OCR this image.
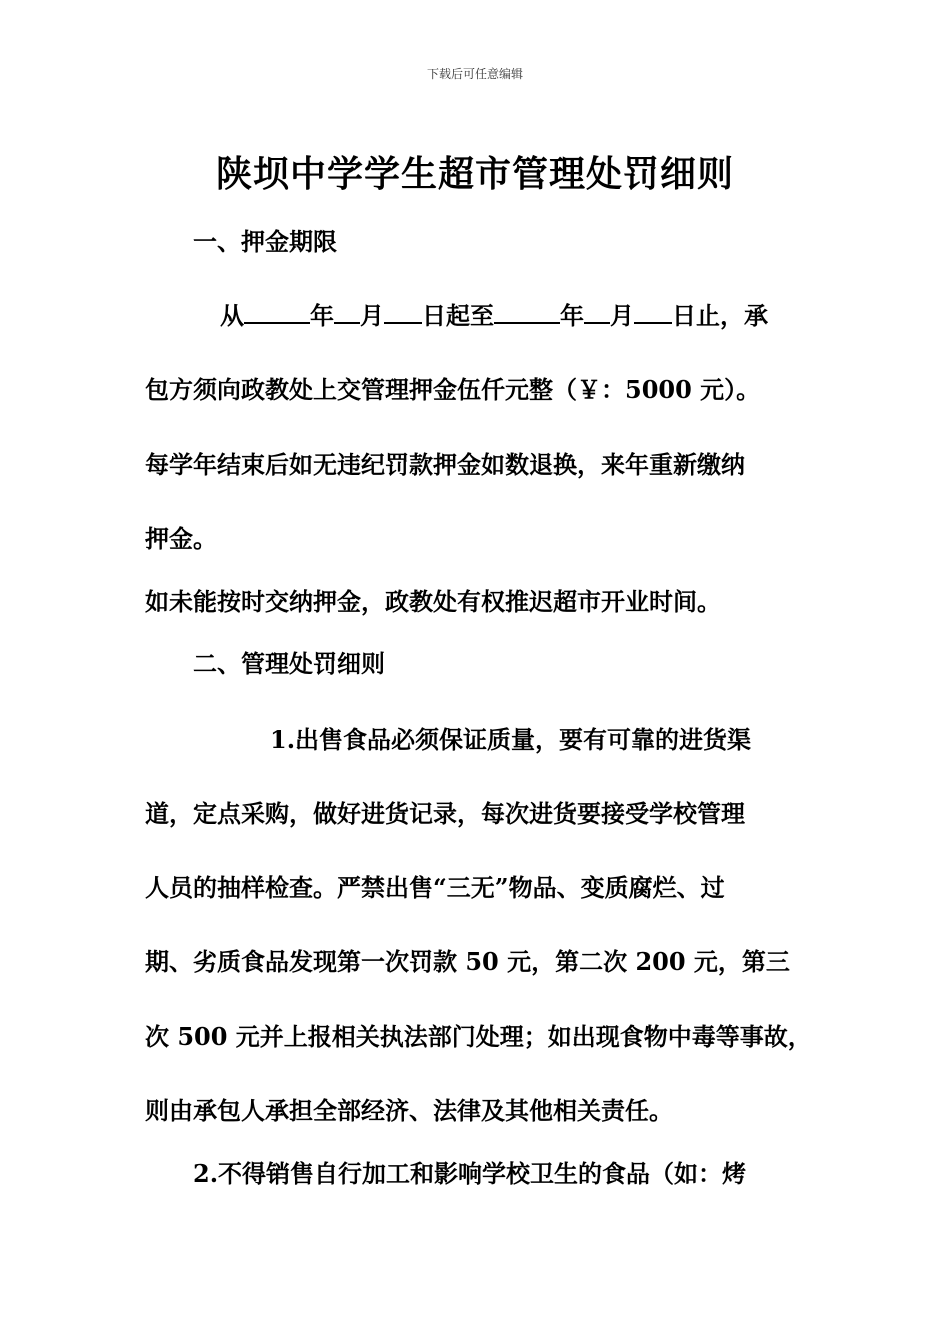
下载后可任意编辑
陕坝中学学生超市管理处罚细则
一、押金期限
从	年 月 日起至	年 月 日止，承
包方须向政教处上交管理押金伍仟元整（￥：5000 元）。
每学年结束后如无违纪罚款押金如数退换，来年重新缴纳
押金。
如未能按时交纳押金，政教处有权推迟超市开业时间。
二、管理处罚细则
1.出售食品必须保证质量，要有可靠的进货渠
道，定点采购，做好进货记录，每次进货要接受学校管理
人员的抽样检查。严禁出售“三无”物品、变质腐烂、过
期、劣质食品发现第一次罚款 50 元，第二次 200 元，第三
次 500 元并上报相关执法部门处理；如出现食物中毒等事故，
则由承包人承担全部经济、法律及其他相关责任。
2.不得销售自行加工和影响学校卫生的食品（如：烤
